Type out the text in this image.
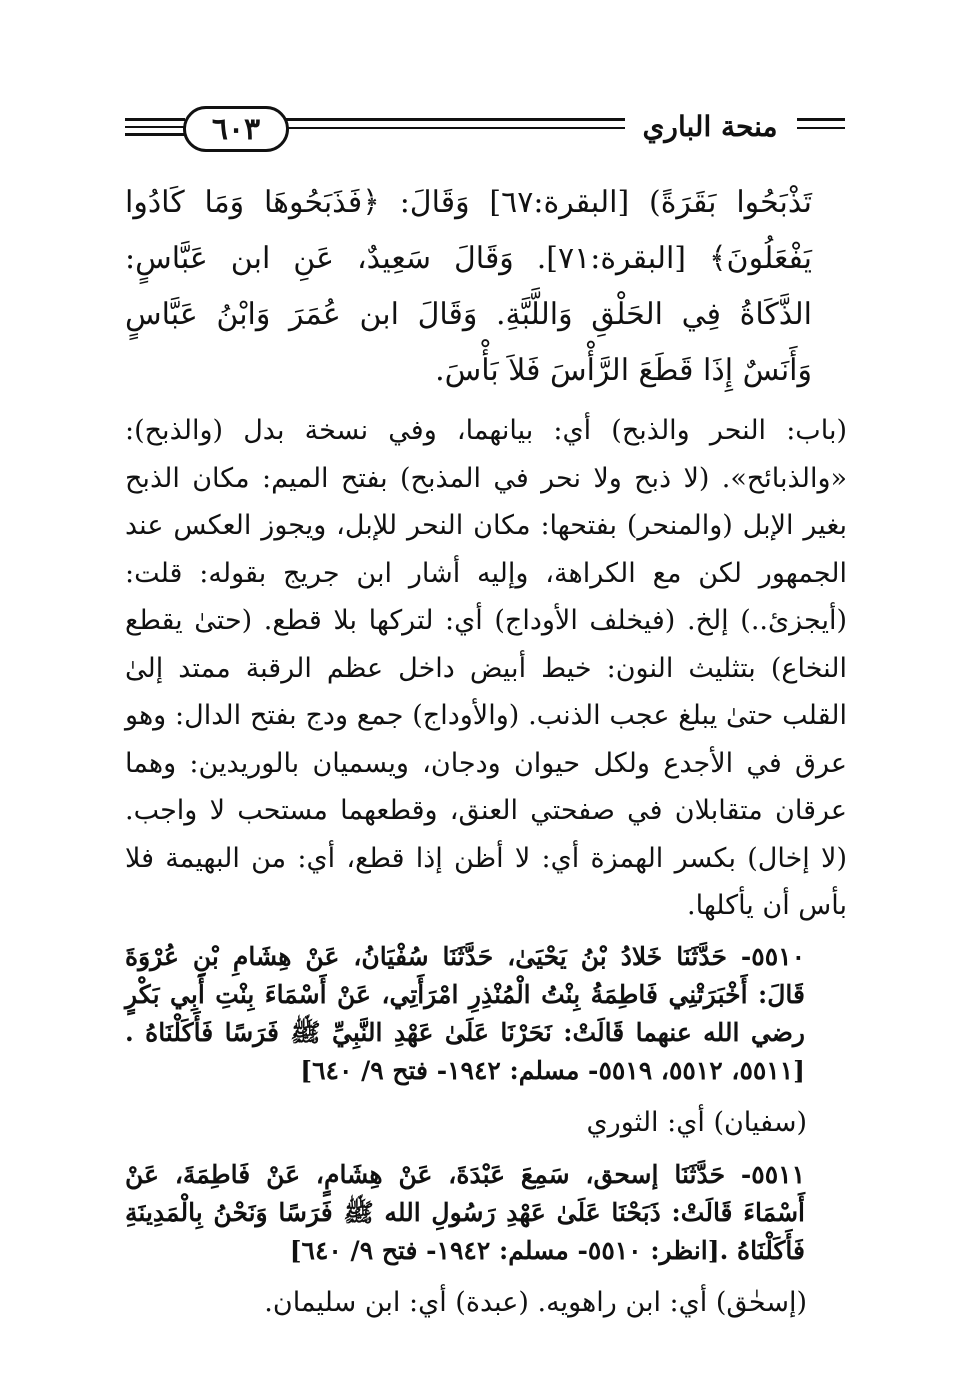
٦٠٣	منحة الباري

تَذْبَحُوا بَقَرَةً) [البقرة:٦٧] وَقَالَ: ﴿فَذَبَحُوهَا وَمَا كَادُوا يَفْعَلُونَ﴾ [البقرة:٧١]. وَقَالَ سَعِيدٌ، عَنِ ابن عَبَّاسٍ: الذَّكَاةُ فِي الحَلْقِ وَاللَّبَّةِ. وَقَالَ ابن عُمَرَ وَابْنُ عَبَّاسٍ وَأَنَسٌ إِذَا قَطَعَ الرَّأْسَ فَلاَ بَأْسَ.

(باب: النحر والذبح) أي: بيانهما، وفي نسخة بدل (والذبح): «والذبائح». (لا ذبح ولا نحر في المذبح) بفتح الميم: مكان الذبح بغير الإبل (والمنحر) بفتحها: مكان النحر للإبل، ويجوز العكس عند الجمهور لكن مع الكراهة، وإليه أشار ابن جريج بقوله: قلت: (أيجزئ..) إلخ. (فيخلف الأوداج) أي: لتركها بلا قطع. (حتىٰ يقطع النخاع) بتثليث النون: خيط أبيض داخل عظم الرقبة ممتد إلىٰ القلب حتىٰ يبلغ عجب الذنب. (والأوداج) جمع ودج بفتح الدال: وهو عرق في الأجدع ولكل حيوان ودجان، ويسميان بالوريدين: وهما عرقان متقابلان في صفحتي العنق، وقطعهما مستحب لا واجب. (لا إخال) بكسر الهمزة أي: لا أظن إذا قطع، أي: من البهيمة فلا بأس أن يأكلها.

٥٥١٠- حَدَّثَنَا خَلادُ بْنُ يَحْيَىٰ، حَدَّثَنَا سُفْيَانُ، عَنْ هِشَامِ بْنِ عُرْوَةَ قَالَ: أَخْبَرَتْنِي فَاطِمَةُ بِنْتُ الْمُنْذِرِ امْرَأَتِي، عَنْ أَسْمَاءَ بِنْتِ أَبِي بَكْرٍ رضي الله عنهما قَالَتْ: نَحَرْنَا عَلَىٰ عَهْدِ النَّبِيِّ ﷺ فَرَسًا فَأَكَلْنَاهُ .[٥٥١١، ٥٥١٢، ٥٥١٩- مسلم: ١٩٤٢- فتح ٩/ ٦٤٠]

(سفيان) أي: الثوري

٥٥١١- حَدَّثَنَا إسحق، سَمِعَ عَبْدَةَ، عَنْ هِشَامٍ، عَنْ فَاطِمَةَ، عَنْ أَسْمَاءَ قَالَتْ: ذَبَحْنَا عَلَىٰ عَهْدِ رَسُولِ الله ﷺ فَرَسًا وَنَحْنُ بِالْمَدِينَةِ فَأَكَلْنَاهُ .[انظر: ٥٥١٠- مسلم: ١٩٤٢- فتح ٩/ ٦٤٠]

(إسحٰق) أي: ابن راهويه. (عبدة) أي: ابن سليمان.
